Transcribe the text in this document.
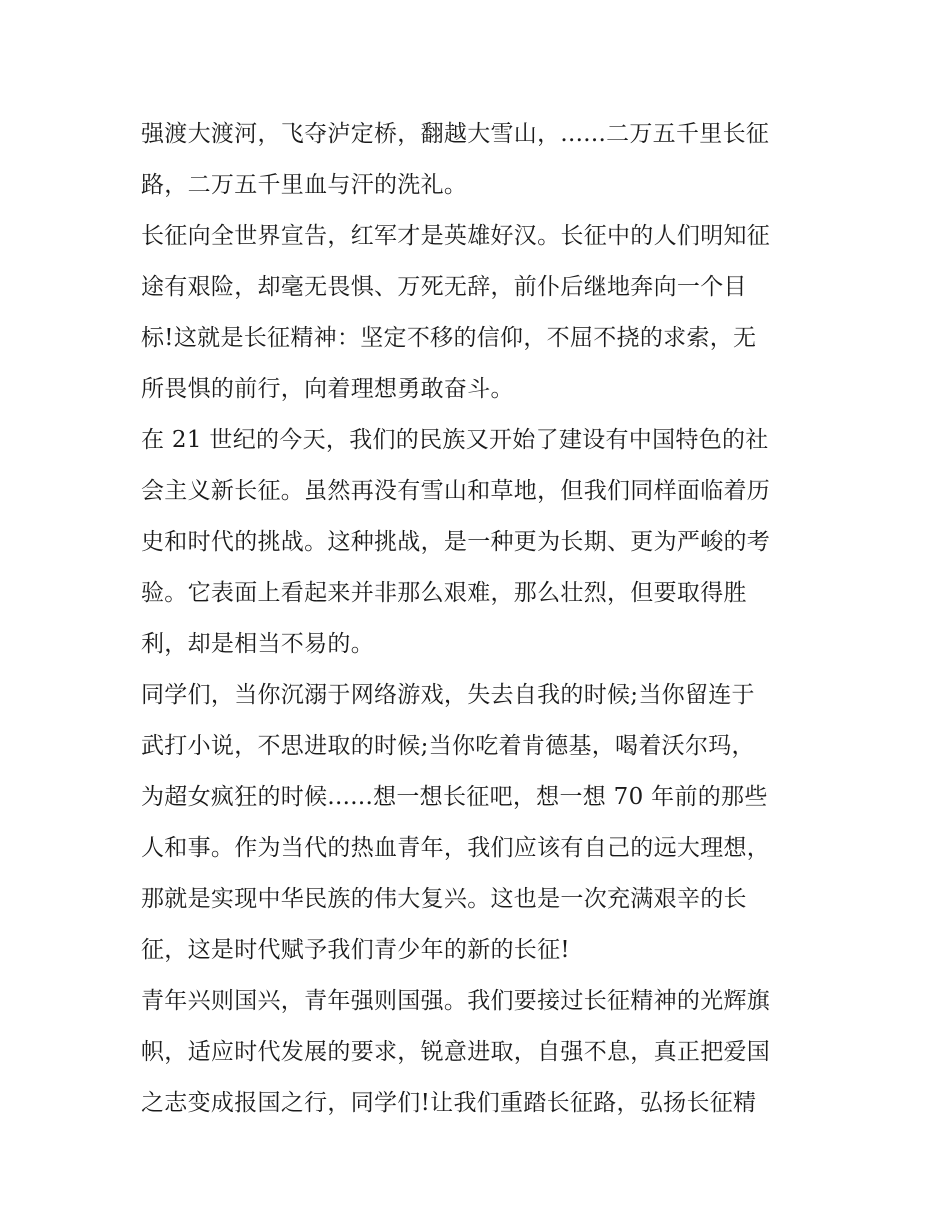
强渡大渡河，飞夺泸定桥，翻越大雪山，......二万五千里长征
路，二万五千里血与汗的洗礼。
长征向全世界宣告，红军才是英雄好汉。长征中的人们明知征
途有艰险，却毫无畏惧、万死无辞，前仆后继地奔向一个目
标!这就是长征精神：坚定不移的信仰，不屈不挠的求索，无
所畏惧的前行，向着理想勇敢奋斗。
在 21 世纪的今天，我们的民族又开始了建设有中国特色的社
会主义新长征。虽然再没有雪山和草地，但我们同样面临着历
史和时代的挑战。这种挑战，是一种更为长期、更为严峻的考
验。它表面上看起来并非那么艰难，那么壮烈，但要取得胜
利，却是相当不易的。
同学们，当你沉溺于网络游戏，失去自我的时候;当你留连于
武打小说，不思进取的时候;当你吃着肯德基，喝着沃尔玛，
为超女疯狂的时候......想一想长征吧，想一想 70 年前的那些
人和事。作为当代的热血青年，我们应该有自己的远大理想，
那就是实现中华民族的伟大复兴。这也是一次充满艰辛的长
征，这是时代赋予我们青少年的新的长征!
青年兴则国兴，青年强则国强。我们要接过长征精神的光辉旗
帜，适应时代发展的要求，锐意进取，自强不息，真正把爱国
之志变成报国之行，同学们!让我们重踏长征路，弘扬长征精
